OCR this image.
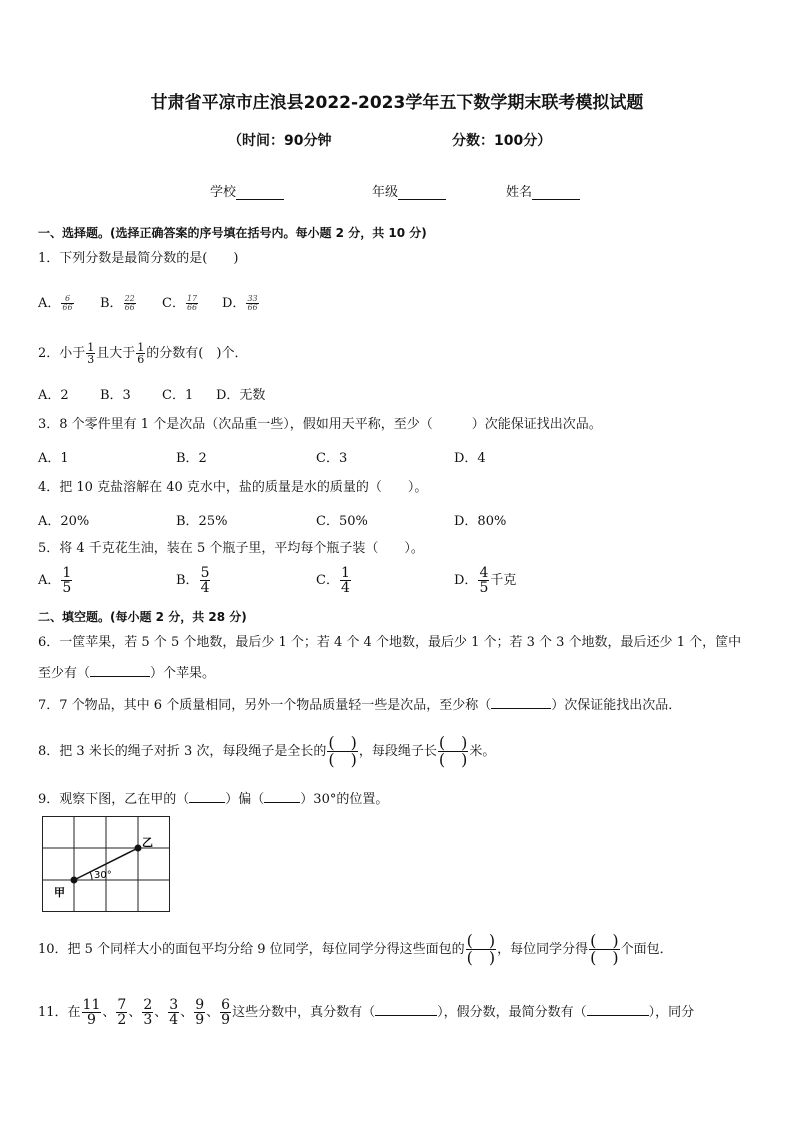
甘肃省平凉市庄浪县2022-2023学年五下数学期末联考模拟试题
（时间：90分钟	分数：100分）
学校	年级	姓名
一、选择题。(选择正确答案的序号填在括号内。每小题 2 分，共 10 分)
1．下列分数是最简分数的是(　　)
A． $\frac{6}{66}$ B． $\frac{22}{66}$ C． $\frac{17}{66}$ D． $\frac{33}{66}$
2．小于 $\frac{1}{3}$ 且大于 $\frac{1}{6}$ 的分数有(　)个．
A．2 B．3 C．1 D．无数
3．8 个零件里有 1 个是次品（次品重一些），假如用天平称，至少（　　　）次能保证找出次品。
A．1	B．2	C．3	D．4
4．把 10 克盐溶解在 40 克水中，盐的质量是水的质量的（　　）。
A．20%	B．25%	C．50%	D．80%
5．将 4 千克花生油，装在 5 个瓶子里，平均每个瓶子装（　　）。
A． $\frac{1}{5}$	B． $\frac{5}{4}$	C． $\frac{1}{4}$	D． $\frac{4}{5}$ 千克
二、填空题。(每小题 2 分，共 28 分)
6．一筐苹果，若 5 个 5 个地数，最后少 1 个；若 4 个 4 个地数，最后少 1 个；若 3 个 3 个地数，最后还少 1 个，筐中
至少有（	）个苹果。
7．7 个物品，其中 6 个质量相同，另外一个物品质量轻一些是次品，至少称（	）次保证能找出次品．
8．把 3 米长的绳子对折 3 次，每段绳子是全长的 $\frac{( )}{( )}$ ，每段绳子长 $\frac{( )}{( )}$ 米。
9．观察下图，乙在甲的（	）偏（	）30°的位置。
甲
乙
30°
10．把 5 个同样大小的面包平均分给 9 位同学，每位同学分得这些面包的 $\frac{( )}{( )}$ ，每位同学分得 $\frac{( )}{( )}$ 个面包．
11．在 $\frac{11}{9}$ 、 $\frac{7}{2}$ 、 $\frac{2}{3}$ 、 $\frac{3}{4}$ 、 $\frac{9}{9}$ 、 $\frac{6}{9}$ 这些分数中，真分数有（	），假分数，最简分数有（	），同分
